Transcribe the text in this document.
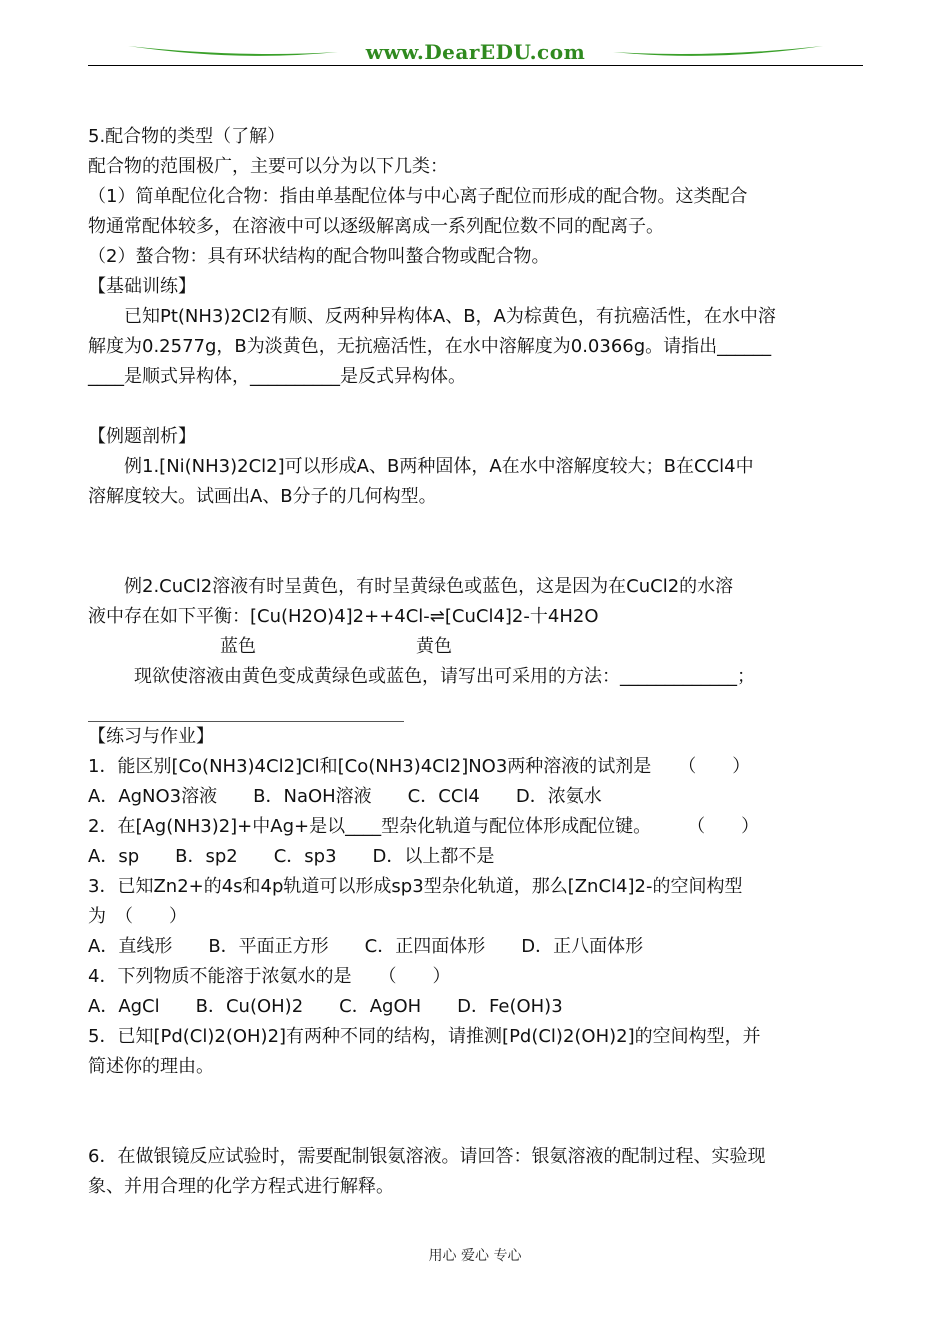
www.DearEDU.com
5.配合物的类型（了解）
配合物的范围极广，主要可以分为以下几类：
（1）简单配位化合物：指由单基配位体与中心离子配位而形成的配合物。这类配合
物通常配体较多，在溶液中可以逐级解离成一系列配位数不同的配离子。
（2）螯合物：具有环状结构的配合物叫螯合物或配合物。
【基础训练】
已知Pt(NH3)2Cl2有顺、反两种异构体A、B，A为棕黄色，有抗癌活性，在水中溶
解度为0.2577g，B为淡黄色，无抗癌活性，在水中溶解度为0.0366g。请指出______
____是顺式异构体，__________是反式异构体。
【例题剖析】
例1.[Ni(NH3)2Cl2]可以形成A、B两种固体，A在水中溶解度较大；B在CCl4中
溶解度较大。试画出A、B分子的几何构型。
例2.CuCl2溶液有时呈黄色，有时呈黄绿色或蓝色，这是因为在CuCl2的水溶
液中存在如下平衡：[Cu(H2O)4]2++4Cl-⇌[CuCl4]2-十4H2O
蓝色	黄色
现欲使溶液由黄色变成黄绿色或蓝色，请写出可采用的方法：_____________；
【练习与作业】
1．能区别[Co(NH3)4Cl2]Cl和[Co(NH3)4Cl2]NO3两种溶液的试剂是　　（　　）
A．AgNO3溶液　　B．NaOH溶液　　C．CCl4　　D．浓氨水
2．在[Ag(NH3)2]+中Ag+是以____型杂化轨道与配位体形成配位键。　　　（　　）
A．sp　　B．sp2　　C．sp3　　D．以上都不是
3．已知Zn2+的4s和4p轨道可以形成sp3型杂化轨道，那么[ZnCl4]2-的空间构型
为　（　　）
A．直线形　　B．平面正方形　　C．正四面体形　　D．正八面体形
4．下列物质不能溶于浓氨水的是　　（　　）
A．AgCl　　B．Cu(OH)2　　C．AgOH　　D．Fe(OH)3
5．已知[Pd(Cl)2(OH)2]有两种不同的结构，请推测[Pd(Cl)2(OH)2]的空间构型，并
简述你的理由。
6．在做银镜反应试验时，需要配制银氨溶液。请回答：银氨溶液的配制过程、实验现
象、并用合理的化学方程式进行解释。
用心 爱心 专心
